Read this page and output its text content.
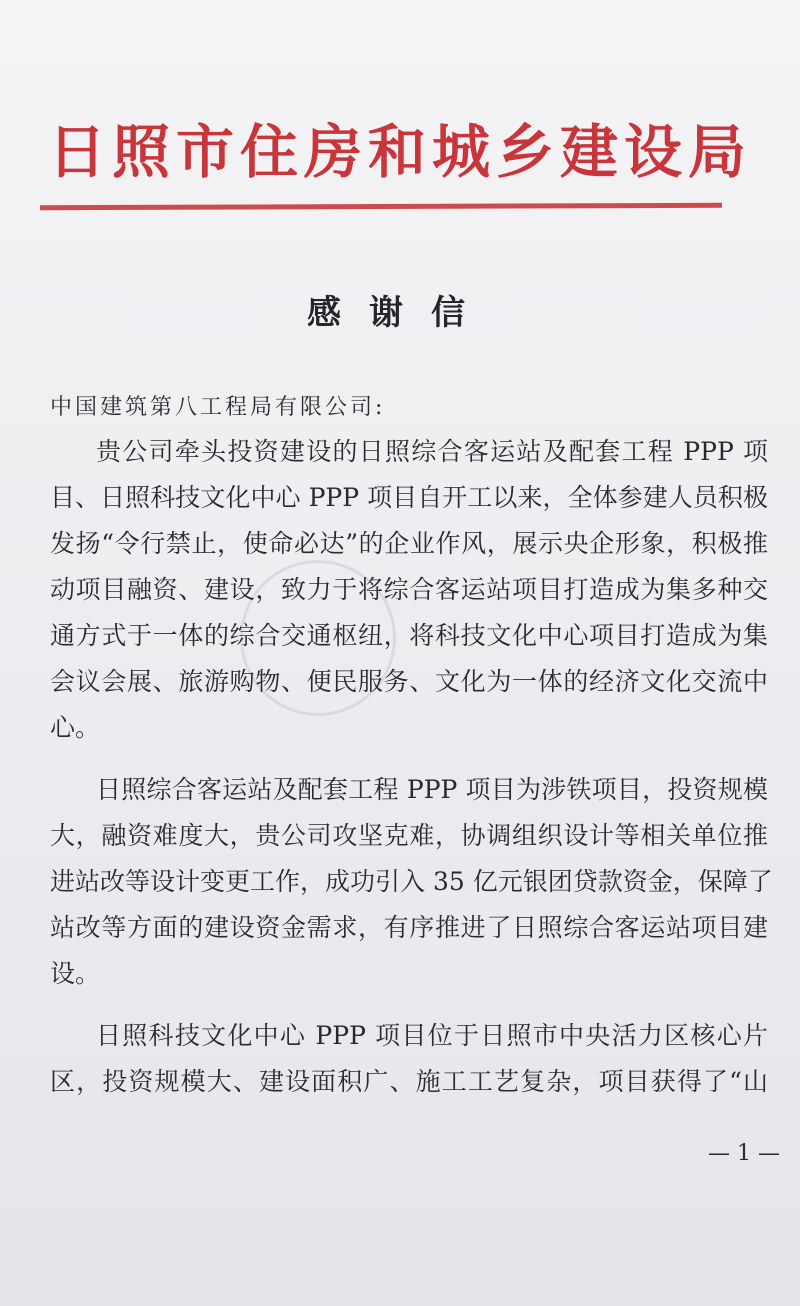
日照市住房和城乡建设局
感谢信
中国建筑第八工程局有限公司:
贵公司牵头投资建设的日照综合客运站及配套工程 PPP 项
目、日照科技文化中心 PPP 项目自开工以来，全体参建人员积极
发扬“令行禁止，使命必达”的企业作风，展示央企形象，积极推
动项目融资、建设，致力于将综合客运站项目打造成为集多种交
通方式于一体的综合交通枢纽，将科技文化中心项目打造成为集
会议会展、旅游购物、便民服务、文化为一体的经济文化交流中
心。
日照综合客运站及配套工程 PPP 项目为涉铁项目，投资规模
大，融资难度大，贵公司攻坚克难，协调组织设计等相关单位推
进站改等设计变更工作，成功引入 35 亿元银团贷款资金，保障了
站改等方面的建设资金需求，有序推进了日照综合客运站项目建
设。
日照科技文化中心 PPP 项目位于日照市中央活力区核心片
区，投资规模大、建设面积广、施工工艺复杂，项目获得了“山
— 1 —
